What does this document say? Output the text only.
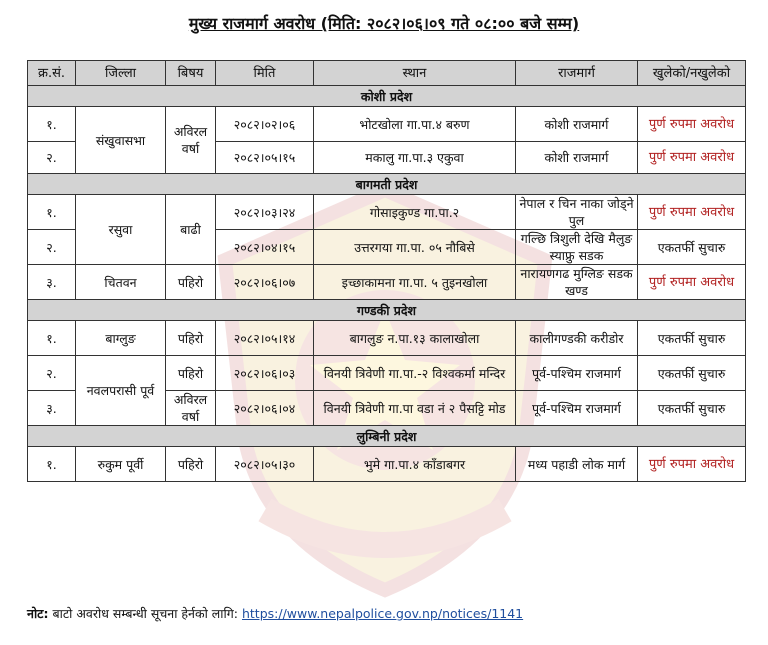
मुख्य राजमार्ग अवरोध (मिति: २०८२।०६।०९ गते ०८:०० बजे सम्म)
क्र.सं.	जिल्ला	बिषय	मिति	स्थान	राजमार्ग	खुलेको/नखुलेको
कोशी प्रदेश						
१.	संखुवासभा	अविरल वर्षा	२०८२।०२।०६	भोटखोला गा.पा.४ बरुण	कोशी राजमार्ग	पुर्ण रुपमा अवरोध
२.			२०८२।०५।१५	मकालु गा.पा.३ एकुवा	कोशी राजमार्ग	पुर्ण रुपमा अवरोध
बागमती प्रदेश						
१.	रसुवा	बाढी	२०८२।०३।२४	गोसाइकुण्ड गा.पा.२	नेपाल र चिन नाका जोड्ने पुल	पुर्ण रुपमा अवरोध
२.			२०८२।०४।१५	उत्तरगया गा.पा. ०५ नौबिसे	गल्छि त्रिशुली देखि मैलुङ स्याफ्रु सडक	एकतर्फी सुचारु
३.	चितवन	पहिरो	२०८२।०६।०७	इच्छाकामना गा.पा. ५ तुइनखोला	नारायणगढ मुग्लिङ सडक खण्ड	पुर्ण रुपमा अवरोध
गण्डकी प्रदेश						
१.	बाग्लुङ	पहिरो	२०८२।०५।१४	बागलुङ न.पा.१३ कालाखोला	कालीगण्डकी करीडोर	एकतर्फी सुचारु
२.	नवलपरासी पूर्व	पहिरो	२०८२।०६।०३	विनयी त्रिवेणी गा.पा.-२ विश्वकर्मा मन्दिर	पूर्व-पश्चिम राजमार्ग	एकतर्फी सुचारु
३.		अविरल वर्षा	२०८२।०६।०४	विनयी त्रिवेणी गा.पा वडा नं २ पैसट्टि मोड	पूर्व-पश्चिम राजमार्ग	एकतर्फी सुचारु
लुम्बिनी प्रदेश						
१.	रुकुम पूर्वी	पहिरो	२०८२।०५।३०	भुमे गा.पा.४ काँडाबगर	मध्य पहाडी लोक मार्ग	पुर्ण रुपमा अवरोध
नोट: बाटो अवरोध सम्बन्धी सूचना हेर्नको लागि: https://www.nepalpolice.gov.np/notices/1141
